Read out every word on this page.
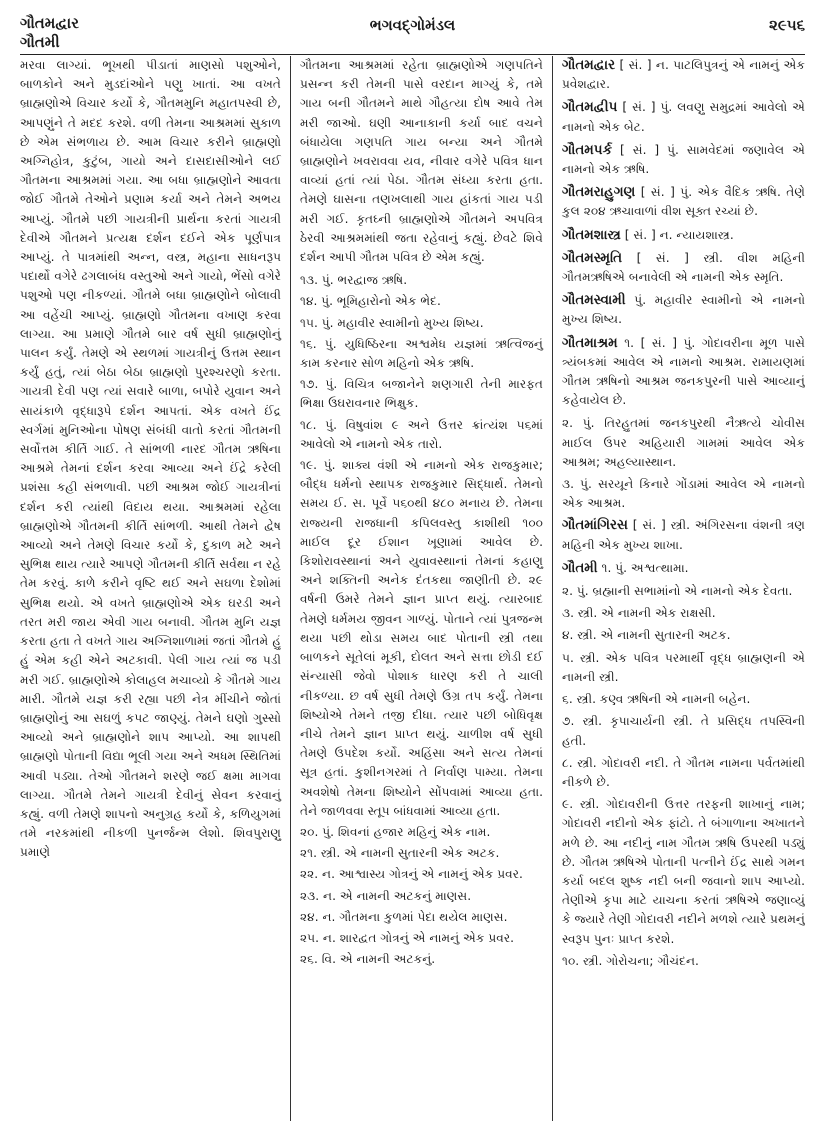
ગૌતમદ્વાર
ગૌતમી
ભગવદ્ગોમંડલ	૨૯૫૬

મરવા લાગ્યાં. ભૂખથી પીડાતાં માણસો પશુઓને, બાળકોને અને મુડદાંઓને પણુ ખાતાં. આ વખતે બ્રાહ્મણોએ વિચાર કર્યો કે, ગૌતમમુનિ મહાતપસ્વી છે, આપણુંને તે મદદ કરશે. વળી તેમના આશ્રમમાં સુકાળ છે એમ સંભળાય છે. આમ વિચાર કરીને બ્રાહ્મણો અગ્નિહોત્ર, કુટુંબ, ગાયો અને દાસદાસીઓને લઈ ગૌતમના આશ્રમમાં ગયા. આ બધા બ્રાહ્મણોને આવતા જોઈ ગૌતમે તેઓને પ્રણામ કર્યા અને તેમને અભય આપ્યું. ગૌતમે પછી ગાયત્રીની પ્રાર્થના કરતાં ગાયત્રી દેવીએ ગૌતમને પ્રત્યક્ષ દર્શન દઈને એક પૂર્ણપાત્ર આપ્યું. તે પાત્રમાંથી અન્ન, વસ્ત્ર, મહાના સાધનરૂપ પદાર્થો વગેરે ઢગલાબંધ વસ્તુઓ અને ગાયો, ભેંસો વગેરે પશુઓ પણ નીકળ્યાં. ગૌતમે બધા બ્રાહ્મણોને બોલાવી આ વહેંચી આપ્યું. બ્રાહ્મણો ગૌતમના વખાણ કરવા લાગ્યા. આ પ્રમાણે ગૌતમે બાર વર્ષ સુધી બ્રાહ્મણોનું પાલન કર્યું. તેમણે એ સ્થળમાં ગાયત્રીનું ઉત્તમ સ્થાન કર્યું હતું, ત્યાં બેઠા બેઠા બ્રાહ્મણો પુરશ્ચરણો કરતા. ગાયત્રી દેવી પણ ત્યાં સવારે બાળા, બપોરે યુવાન અને સાયંકાળે વૃદ્ધારૂપે દર્શન આપતાં. એક વખતે ઈંદ્ર સ્વર્ગમાં મુનિઓના પોષણ સંબંધી વાતો કરતાં ગૌતમની સર્વોત્તમ કીર્તિ ગાઈ. તે સાંભળી નારદ ગૌતમ ઋષિના આશ્રમે તેમનાં દર્શન કરવા આવ્યા અને ઈંદ્રે કરેલી પ્રશંસા કહી સંભળાવી. પછી આશ્રમ જોઈ ગાયત્રીનાં દર્શન કરી ત્યાંથી વિદાય થયા. આશ્રમમાં રહેલા બ્રાહ્મણોએ ગૌતમની કીર્તિ સાંભળી. આથી તેમને દ્વેષ આવ્યો અને તેમણે વિચાર કર્યો કે, દુકાળ મટે અને સુભિક્ષ થાય ત્યારે આપણે ગૌતમની કીર્તિ સર્વથા ન રહે તેમ કરવું. કાળે કરીને વૃષ્ટિ થઈ અને સઘળા દેશોમાં સુભિક્ષ થયો. એ વખતે બ્રાહ્મણોએ એક ઘરડી અને તરત મરી જાય એવી ગાય બનાવી. ગૌતમ મુનિ યજ્ઞ કરતા હતા તે વખતે ગાય અગ્નિશાળામાં જતાં ગૌતમે હું હું એમ કહી એને અટકાવી. પેલી ગાય ત્યાં જ પડી મરી ગઈ. બ્રાહ્મણોએ કોલાહલ મચાવ્યો કે ગૌતમે ગાય મારી. ગૌતમે યજ્ઞ કરી રહ્યા પછી નેત્ર મીંચીને જોતાં બ્રાહ્મણોનું આ સઘળું કપટ જાણ્યું. તેમને ઘણો ગુસ્સો આવ્યો અને બ્રાહ્મણોને શાપ આપ્યો. આ શાપથી બ્રાહ્મણો પોતાની વિદ્યા ભૂલી ગયા અને અધમ સ્થિતિમાં આવી પડ્યા. તેઓ ગૌતમને શરણે જઈ ક્ષમા માગવા લાગ્યા. ગૌતમે તેમને ગાયત્રી દેવીનું સેવન કરવાનું કહ્યું. વળી તેમણે શાપનો અનુગ્રહ કર્યો કે, કળિયુગમાં તમે નરકમાંથી નીકળી પુનર્જન્મ લેશો. શિવપુરાણુ પ્રમાણે

ગૌતમના આશ્રમમાં રહેતા બ્રાહ્મણોએ ગણપતિને પ્રસન્ન કરી તેમની પાસે વરદાન માગ્યું કે, તમે ગાય બની ગૌતમને માથે ગૌહત્યા દોષ આવે તેમ મરી જાઓ. ઘણી આનાકાની કર્યા બાદ વચને બંધાયેલા ગણપતિ ગાય બન્યા અને ગૌતમે બ્રાહ્મણોને ખવરાવવા યવ, નીવાર વગેરે પવિત્ર ધાન વાવ્યાં હતાં ત્યાં પેઠા. ગૌતમ સંધ્યા કરતા હતા. તેમણે ઘાસના તણખલાથી ગાય હાંકતાં ગાય પડી મરી ગઈ. કૃતઘ્ની બ્રાહ્મણોએ ગૌતમને અપવિત્ર ઠેરવી આશ્રમમાંથી જતા રહેવાનું કહ્યું. છેવટે શિવે દર્શન આપી ગૌતમ પવિત્ર છે એમ કહ્યું.
૧૩. પું. ભરદ્વાજ ઋષિ.
૧૪. પું. ભૂમિહારોનો એક ભેદ.
૧૫. પું. મહાવીર સ્વામીનો મુખ્ય શિષ્ય.
૧૬. પું. યુધિષ્ઠિરના અશ્વમેધ યજ્ઞમાં ઋત્વિજનું કામ કરનાર સોળ મહિનો એક ઋષિ.
૧૭. પું. વિચિત્ર બજાનેને શણગારી તેની મારફત ભિક્ષા ઉઘરાવનાર ભિક્ષુક.
૧૮. પું. વિષુવાંશ ૯ અને ઉત્તર ક્રાંત્યંશ ૫૬માં આવેલો એ નામનો એક તારો.
૧૯. પું. શાક્ય વંશી એ નામનો એક રાજકુમાર; બૌદ્ધ ધર્મનો સ્થાપક રાજકુમાર સિદ્ધાર્થ. તેમનો સમય ઈ. સ. પૂર્વે ૫૬૦થી ૪૮૦ મનાય છે. તેમના રાજ્યની રાજધાની કપિલવસ્તુ કાશીથી ૧૦૦ માઈલ દૂર ઈશાન ખૂણામાં આવેલ છે. કિશોરાવસ્થાનાં અને યુવાવસ્થાનાં તેમનાં કહાણુ અને શક્તિની અનેક દંતકથા જાણીતી છે. ૨૯ વર્ષની ઉમરે તેમને જ્ઞાન પ્રાપ્ત થયું. ત્યારબાદ તેમણે ધર્મમય જીવન ગાળ્યું. પોતાને ત્યાં પુત્રજન્મ થયા પછી થોડા સમય બાદ પોતાની સ્ત્રી તથા બાળકને સૂતેલાં મૂકી, દોલત અને સત્તા છોડી દઈ સંન્યાસી જેવો પોશાક ધારણ કરી તે ચાલી નીકળ્યા. છ વર્ષ સુધી તેમણે ઉગ્ર તપ કર્યું. તેમના શિષ્યોએ તેમને તજી દીધા. ત્યાર પછી બોધિવૃક્ષ નીચે તેમને જ્ઞાન પ્રાપ્ત થયું. ચાળીશ વર્ષ સુધી તેમણે ઉપદેશ કર્યો. અહિંસા અને સત્ય તેમનાં સૂત્ર હતાં. કુશીનગરમાં તે નિર્વાણ પામ્યા. તેમના અવશેષો તેમના શિષ્યોને સોંપવામાં આવ્યા હતા. તેને જાળવવા સ્તૂપ બાંધવામાં આવ્યા હતા.
૨૦. પું. શિવનાં હજાર મહિનું એક નામ.
૨૧. સ્ત્રી. એ નામની સુતારની એક અટક.
૨૨. ન. આશ્વાસ્ય ગોત્રનું એ નામનું એક પ્રવર.
૨૩. ન. એ નામની અટકનું માણસ.
૨૪. ન. ગૌતમના કુળમાં પેદા થયેલ માણસ.
૨૫. ન. શારદ્વત ગોત્રનું એ નામનું એક પ્રવર.
૨૬. વિ. એ નામની અટકનું.
ગૌતમદ્વાર [ સં. ] ન. પાટલિપુત્રનું એ નામનું એક પ્રવેશદ્વાર.
ગૌતમદ્વીપ [ સં. ] પું. લવણુ સમુદ્રમાં આવેલો એ નામનો એક બેટ.
ગૌતમપર્ક [ સં. ] પું. સામવેદમાં જણાવેલ એ નામનો એક ઋષિ.
ગૌતમરાહુગણ [ સં. ] પું. એક વૈદિક ઋષિ. તેણે કુલ ૨૦૪ ઋચાવાળાં વીશ સૂક્ત રચ્યાં છે.
ગૌતમશાસ્ત્ર [ સં. ] ન. ન્યાયશાસ્ત્ર.
ગૌતમસ્મૃતિ [ સં. ] સ્ત્રી. વીશ મહિની ગૌતમઋષિએ બનાવેલી એ નામની એક સ્મૃતિ.
ગૌતમસ્વામી પું. મહાવીર સ્વામીનો એ નામનો મુખ્ય શિષ્ય.
ગૌતમાશ્રમ ૧. [ સં. ] પું. ગોદાવરીના મૂળ પાસે ત્ર્યંબકમાં આવેલ એ નામનો આશ્રમ. રામાયણમાં ગૌતમ ઋષિનો આશ્રમ જનકપુરની પાસે આવ્યાનું કહેવાયેલ છે.
૨. પું. તિરહુતમાં જનકપુરથી નૈઋત્યે ચોવીસ માઈલ ઉપર અહિયારી ગામમાં આવેલ એક આશ્રમ; અહલ્યાસ્થાન.
૩. પું. સરયૂને કિનારે ગોંડામાં આવેલ એ નામનો એક આશ્રમ.
ગૌતમાંગિરસ [ સં. ] સ્ત્રી. અંગિરસના વંશની ત્રણ મહિની એક મુખ્ય શાખા.
ગૌતમી ૧. પું. અશ્વત્થામા.
૨. પું. બ્રહ્માની સભામાંનો એ નામનો એક દેવતા.
૩. સ્ત્રી. એ નામની એક રાક્ષસી.
૪. સ્ત્રી. એ નામની સુતારની અટક.
૫. સ્ત્રી. એક પવિત્ર પરમાર્થી વૃદ્ધ બ્રાહ્મણની એ નામની સ્ત્રી.
૬. સ્ત્રી. કણ્વ ઋષિની એ નામની બહેન.
૭. સ્ત્રી. કૃપાચાર્યની સ્ત્રી. તે પ્રસિદ્ધ તપસ્વિની હતી.
૮. સ્ત્રી. ગોદાવરી નદી. તે ગૌતમ નામના પર્વતમાંથી નીકળે છે.
૯. સ્ત્રી. ગોદાવરીની ઉત્તર તરફની શાખાનું નામ; ગોદાવરી નદીનો એક ફાંટો. તે બંગાળાના અખાતને મળે છે. આ નદીનું નામ ગૌતમ ઋષિ ઉપરથી પડ્યું છે. ગૌતમ ઋષિએ પોતાની પત્નીને ઈંદ્ર સાથે ગમન કર્યા બદલ શુષ્ક નદી બની જવાનો શાપ આપ્યો. તેણીએ કૃપા માટે યાચના કરતાં ઋષિએ જણાવ્યું કે જ્યારે તેણી ગોદાવરી નદીને મળશે ત્યારે પ્રથમનું સ્વરૂપ પુનઃ પ્રાપ્ત કરશે.
૧૦. સ્ત્રી. ગોરોચના; ગૌચંદન.
